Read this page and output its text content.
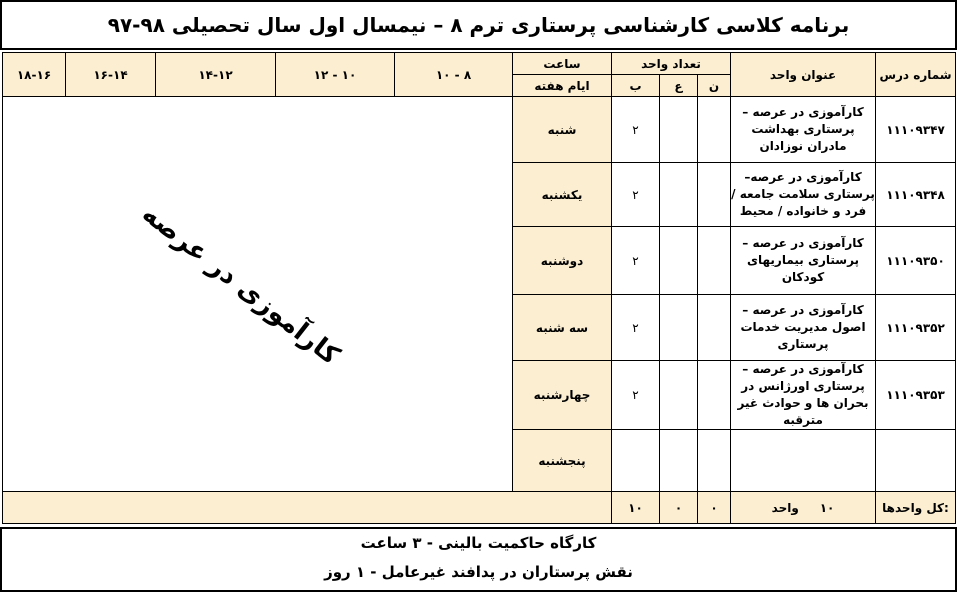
برنامه کلاسی کارشناسی پرستاری ترم ۸ – نیمسال اول سال تحصیلی ۹۸-۹۷
۱۸-۱۶	۱۶-۱۴	۱۴-۱۲	۱۲ - ۱۰	۱۰ - ۸	ساعت	تعداد واحد			عنوان واحد	شماره درس
					ایام هفته	ب	ع	ن		
					شنبه	۲			کارآموزی در عرصه – پرستاری بهداشت مادران نوزادان	۱۱۱۰۹۳۴۷
					یکشنبه	۲			کارآموزی در عرصه– پرستاری سلامت جامعه / فرد و خانواده / محیط	۱۱۱۰۹۳۴۸
					دوشنبه	۲			کارآموزی در عرصه – پرستاری بیماریهای کودکان	۱۱۱۰۹۳۵۰
					سه شنبه	۲			کارآموزی در عرصه – اصول مدیریت خدمات پرستاری	۱۱۱۰۹۳۵۲
					چهارشنبه	۲			کارآموزی در عرصه – پرستاری اورژانس در بحران ها و حوادث غیر مترقبه	۱۱۱۰۹۳۵۳
					پنجشنبه					
						۱۰	۰	۰	۱۰     واحد	کل واحدها:
کارآموزی در عرصه
کارگاه حاکمیت بالینی - ۳ ساعت
نقش پرستاران در پدافند غیرعامل - ۱ روز
